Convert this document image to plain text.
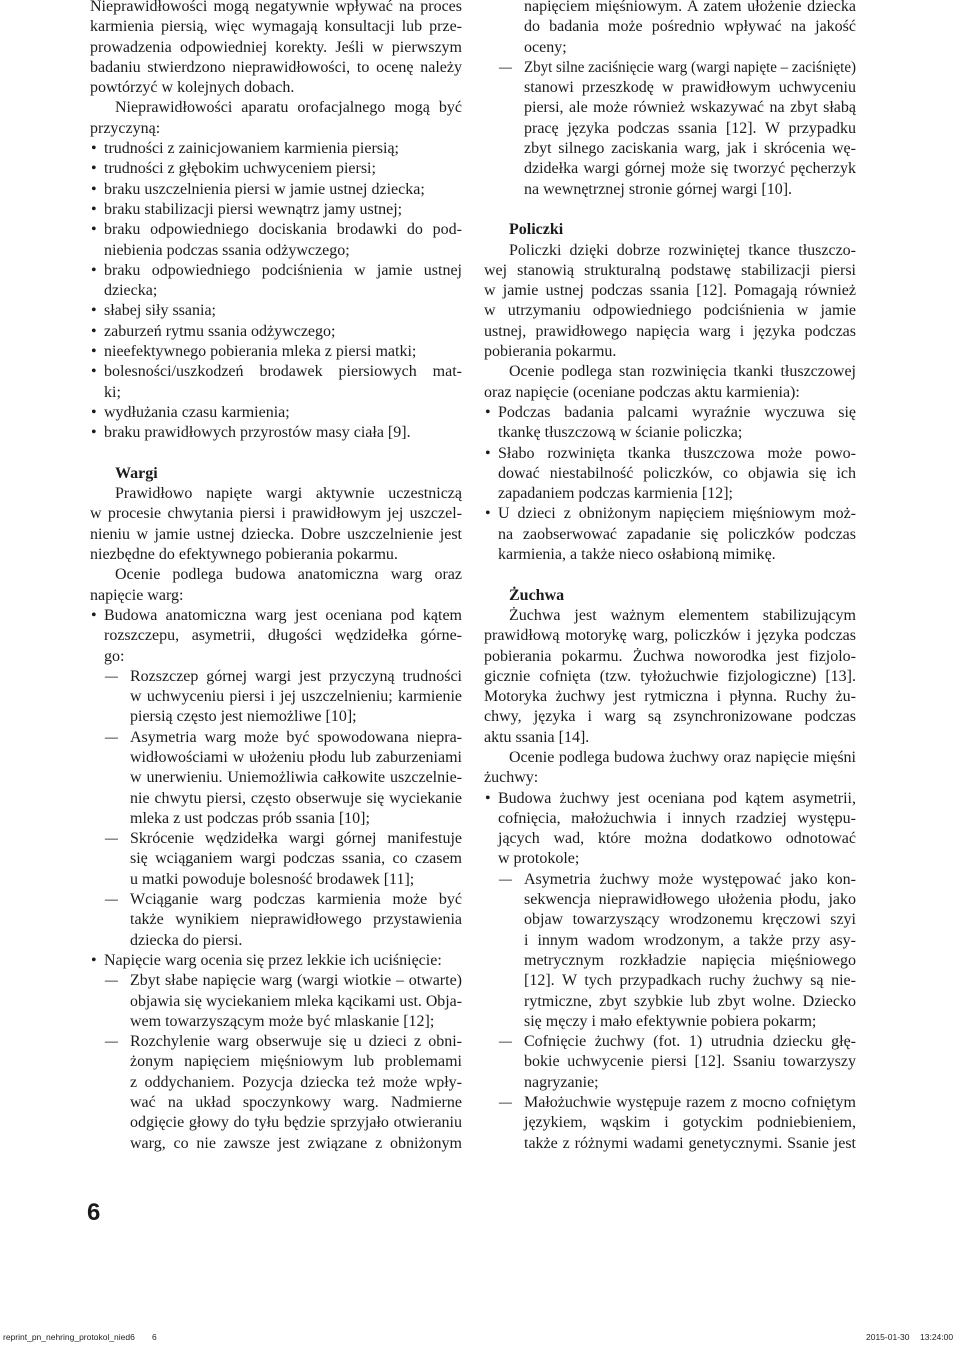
Nieprawidłowości mogą negatywnie wpływać na proces
karmienia piersią, więc wymagają konsultacji lub prze-
prowadzenia odpowiedniej korekty. Jeśli w pierwszym
badaniu stwierdzono nieprawidłowości, to ocenę należy
powtórzyć w kolejnych dobach.
Nieprawidłowości aparatu orofacjalnego mogą być
przyczyną:
• trudności z zainicjowaniem karmienia piersią;
• trudności z głębokim uchwyceniem piersi;
• braku uszczelnienia piersi w jamie ustnej dziecka;
• braku stabilizacji piersi wewnątrz jamy ustnej;
• braku odpowiedniego dociskania brodawki do pod-
niebienia podczas ssania odżywczego;
• braku odpowiedniego podciśnienia w jamie ustnej
dziecka;
• słabej siły ssania;
• zaburzeń rytmu ssania odżywczego;
• nieefektywnego pobierania mleka z piersi matki;
• bolesności/uszkodzeń brodawek piersiowych mat-
ki;
• wydłużania czasu karmienia;
• braku prawidłowych przyrostów masy ciała [9].
Wargi
Prawidłowo napięte wargi aktywnie uczestniczą
w procesie chwytania piersi i prawidłowym jej uszczel-
nieniu w jamie ustnej dziecka. Dobre uszczelnienie jest
niezbędne do efektywnego pobierania pokarmu.
Ocenie podlega budowa anatomiczna warg oraz
napięcie warg:
• Budowa anatomiczna warg jest oceniana pod kątem
rozszczepu, asymetrii, długości wędzidełka górne-
go:
– Rozszczep górnej wargi jest przyczyną trudności
w uchwyceniu piersi i jej uszczelnieniu; karmienie
piersią często jest niemożliwe [10];
– Asymetria warg może być spowodowana niepra-
widłowościami w ułożeniu płodu lub zaburzeniami
w unerwieniu. Uniemożliwia całkowite uszczelnie-
nie chwytu piersi, często obserwuje się wyciekanie
mleka z ust podczas prób ssania [10];
– Skrócenie wędzidełka wargi górnej manifestuje
się wciąganiem wargi podczas ssania, co czasem
u matki powoduje bolesność brodawek [11];
– Wciąganie warg podczas karmienia może być
także wynikiem nieprawidłowego przystawienia
dziecka do piersi.
• Napięcie warg ocenia się przez lekkie ich uciśnięcie:
– Zbyt słabe napięcie warg (wargi wiotkie – otwarte)
objawia się wyciekaniem mleka kącikami ust. Obja-
wem towarzyszącym może być mlaskanie [12];
– Rozchylenie warg obserwuje się u dzieci z obni-
żonym napięciem mięśniowym lub problemami
z oddychaniem. Pozycja dziecka też może wpły-
wać na układ spoczynkowy warg. Nadmierne
odgięcie głowy do tyłu będzie sprzyjało otwieraniu
warg, co nie zawsze jest związane z obniżonym
napięciem mięśniowym. A zatem ułożenie dziecka
do badania może pośrednio wpływać na jakość
oceny;
– Zbyt silne zaciśnięcie warg (wargi napięte – zaciśnięte)
stanowi przeszkodę w prawidłowym uchwyceniu
piersi, ale może również wskazywać na zbyt słabą
pracę języka podczas ssania [12]. W przypadku
zbyt silnego zaciskania warg, jak i skrócenia wę-
dzidełka wargi górnej może się tworzyć pęcherzyk
na wewnętrznej stronie górnej wargi [10].
Policzki
Policzki dzięki dobrze rozwiniętej tkance tłuszczo-
wej stanowią strukturalną podstawę stabilizacji piersi
w jamie ustnej podczas ssania [12]. Pomagają również
w utrzymaniu odpowiedniego podciśnienia w jamie
ustnej, prawidłowego napięcia warg i języka podczas
pobierania pokarmu.
Ocenie podlega stan rozwinięcia tkanki tłuszczowej
oraz napięcie (oceniane podczas aktu karmienia):
• Podczas badania palcami wyraźnie wyczuwa się
tkankę tłuszczową w ścianie policzka;
• Słabo rozwinięta tkanka tłuszczowa może powo-
dować niestabilność policzków, co objawia się ich
zapadaniem podczas karmienia [12];
• U dzieci z obniżonym napięciem mięśniowym moż-
na zaobserwować zapadanie się policzków podczas
karmienia, a także nieco osłabioną mimikę.
Żuchwa
Żuchwa jest ważnym elementem stabilizującym
prawidłową motorykę warg, policzków i języka podczas
pobierania pokarmu. Żuchwa noworodka jest fizjolo-
gicznie cofnięta (tzw. tyłożuchwie fizjologiczne) [13].
Motoryka żuchwy jest rytmiczna i płynna. Ruchy żu-
chwy, języka i warg są zsynchronizowane podczas
aktu ssania [14].
Ocenie podlega budowa żuchwy oraz napięcie mięśni
żuchwy:
• Budowa żuchwy jest oceniana pod kątem asymetrii,
cofnięcia, małożuchwia i innych rzadziej występu-
jących wad, które można dodatkowo odnotować
w protokole;
– Asymetria żuchwy może występować jako kon-
sekwencja nieprawidłowego ułożenia płodu, jako
objaw towarzyszący wrodzonemu kręczowi szyi
i innym wadom wrodzonym, a także przy asy-
metrycznym rozkładzie napięcia mięśniowego
[12]. W tych przypadkach ruchy żuchwy są nie-
rytmiczne, zbyt szybkie lub zbyt wolne. Dziecko
się męczy i mało efektywnie pobiera pokarm;
– Cofnięcie żuchwy (fot. 1) utrudnia dziecku głę-
bokie uchwycenie piersi [12]. Ssaniu towarzyszy
nagryzanie;
– Małożuchwie występuje razem z mocno cofniętym
językiem, wąskim i gotyckim podniebieniem,
także z różnymi wadami genetycznymi. Ssanie jest
6
reprint_pn_nehring_protokol_nied6 6	2015-01-30 13:24:00
